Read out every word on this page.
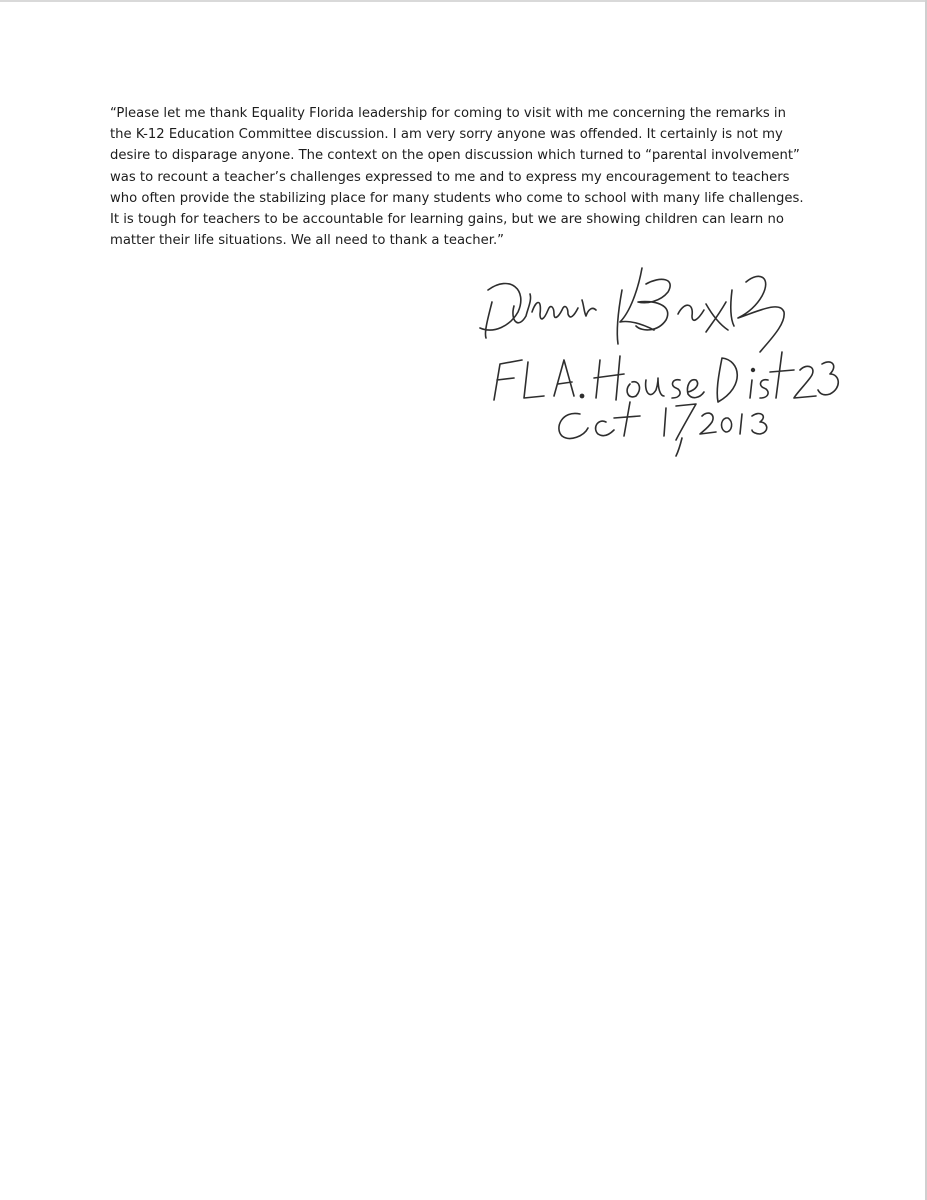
“Please let me thank Equality Florida leadership for coming to visit with me concerning the remarks in
the K-12 Education Committee discussion. I am very sorry anyone was offended. It certainly is not my
desire to disparage anyone. The context on the open discussion which turned to “parental involvement”
was to recount a teacher’s challenges expressed to me and to express my encouragement to teachers
who often provide the stabilizing place for many students who come to school with many life challenges.
It is tough for teachers to be accountable for learning gains, but we are showing children can learn no
matter their life situations. We all need to thank a teacher.”
